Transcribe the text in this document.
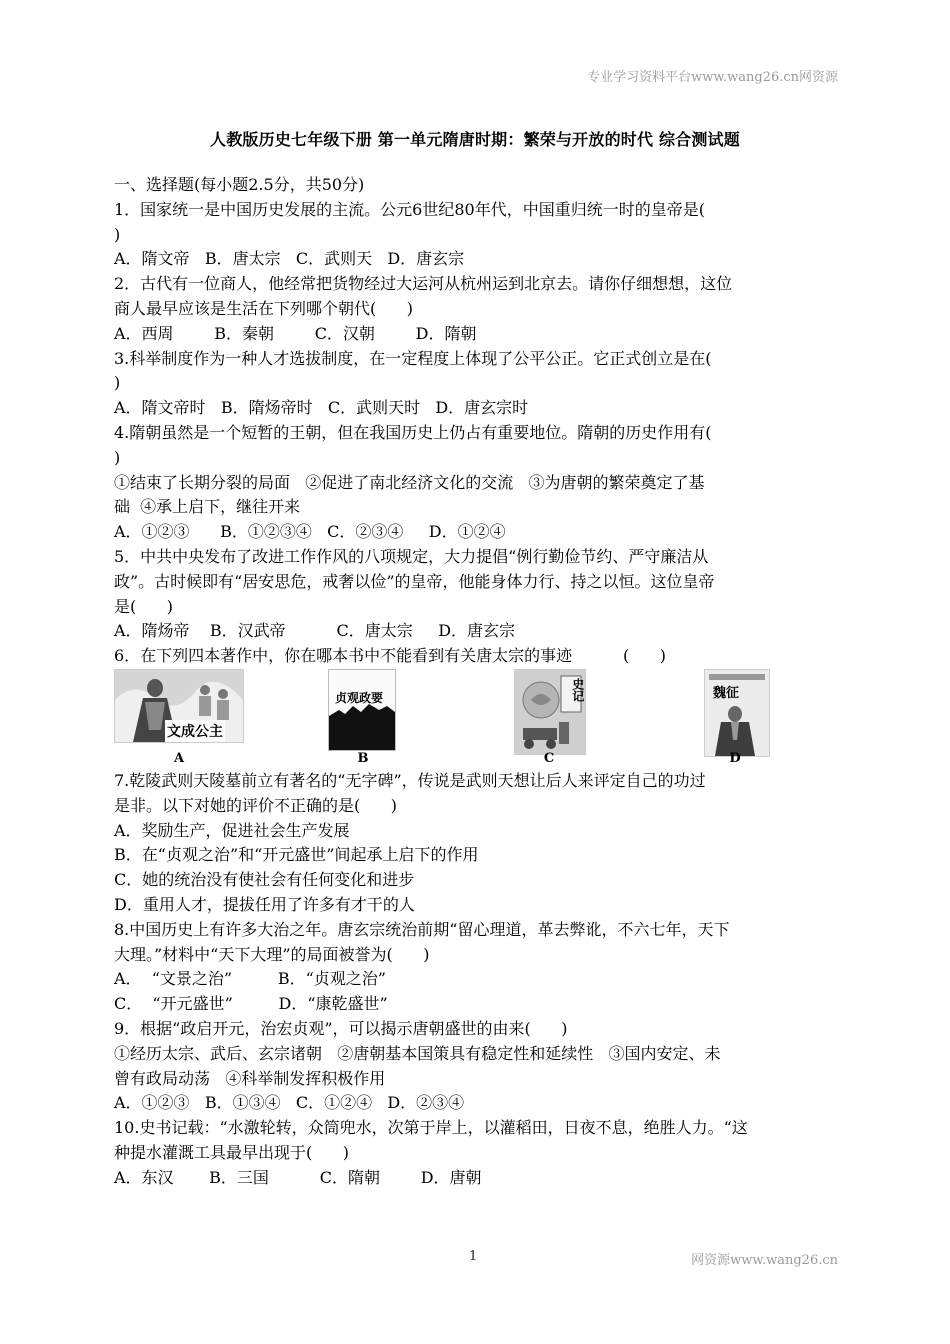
专业学习资料平台www.wang26.cn网资源
人教版历史七年级下册 第一单元隋唐时期：繁荣与开放的时代 综合测试题
一、选择题(每小题2.5分，共50分)
1．国家统一是中国历史发展的主流。公元6世纪80年代，中国重归统一时的皇帝是(
)
A．隋文帝   B．唐太宗   C．武则天   D．唐玄宗
2．古代有一位商人，他经常把货物经过大运河从杭州运到北京去。请你仔细想想，这位
商人最早应该是生活在下列哪个朝代(      )
A．西周        B．秦朝        C．汉朝        D．隋朝
3.科举制度作为一种人才选拔制度，在一定程度上体现了公平公正。它正式创立是在(
)
A．隋文帝时   B．隋炀帝时   C．武则天时   D．唐玄宗时
4.隋朝虽然是一个短暂的王朝，但在我国历史上仍占有重要地位。隋朝的历史作用有(
)
①结束了长期分裂的局面   ②促进了南北经济文化的交流   ③为唐朝的繁荣奠定了基
础  ④承上启下，继往开来
A．①②③      B．①②③④   C．②③④     D．①②④
5．中共中央发布了改进工作作风的八项规定，大力提倡“例行勤俭节约、严守廉洁从
政”。古时候即有“居安思危，戒奢以俭”的皇帝，他能身体力行、持之以恒。这位皇帝
是(      )
A．隋炀帝    B．汉武帝          C．唐太宗     D．唐玄宗
6．在下列四本著作中，你在哪本书中不能看到有关唐太宗的事迹          (      )
文成公主
A
贞观政要
B
史记
C
魏征
D
7.乾陵武则天陵墓前立有著名的“无字碑”，传说是武则天想让后人来评定自己的功过
是非。以下对她的评价不正确的是(      )
A．奖励生产，促进社会生产发展
B．在“贞观之治”和“开元盛世”间起承上启下的作用
C．她的统治没有使社会有任何变化和进步
D．重用人才，提拔任用了许多有才干的人
8.中国历史上有许多大治之年。唐玄宗统治前期“留心理道，革去弊讹，不六七年，天下
大理。”材料中“天下大理”的局面被誉为(      )
A．  “文景之治”         B．“贞观之治”
C．  “开元盛世”         D．“康乾盛世”
9．根据“政启开元，治宏贞观”，可以揭示唐朝盛世的由来(      )
①经历太宗、武后、玄宗诸朝   ②唐朝基本国策具有稳定性和延续性   ③国内安定、未
曾有政局动荡   ④科举制发挥积极作用
A．①②③   B．①③④   C．①②④   D．②③④
10.史书记载：“水激轮转，众筒兜水，次第于岸上，以灌稻田，日夜不息，绝胜人力。“这
种提水灌溉工具最早出现于(      )
A．东汉       B．三国          C．隋朝        D．唐朝
1	网资源www.wang26.cn
